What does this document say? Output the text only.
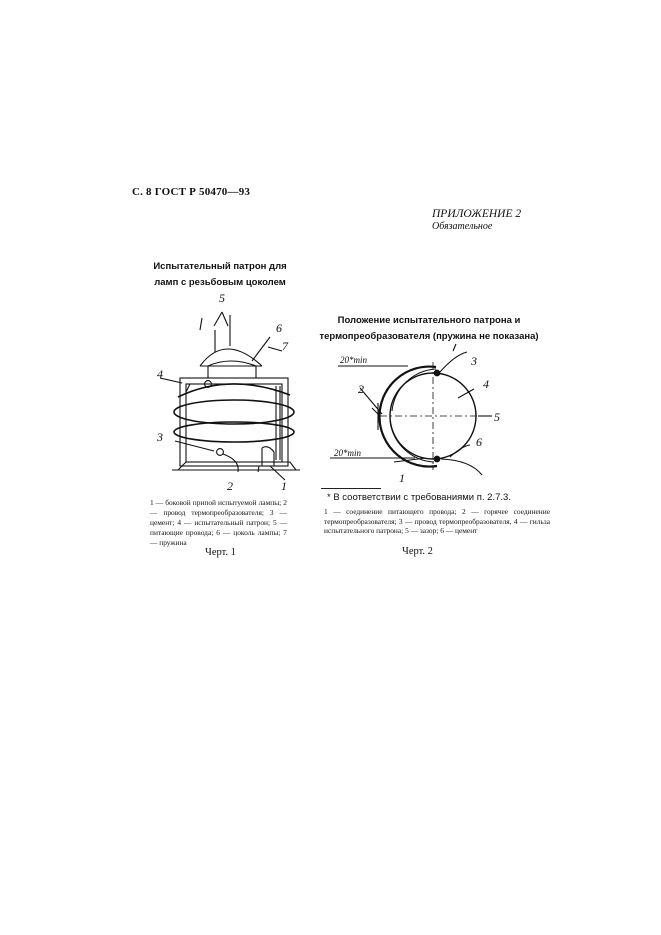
С. 8 ГОСТ Р 50470—93
ПРИЛОЖЕНИЕ 2
Обязательное
Испытательный патрон для ламп с резьбовым цоколем
Положение испытательного патрона и термопреобразователя (пружина не показана)
5
6
7
4
3
2	1
20*min
20*min
3
4
2
5
6
1
1 — боковой припой испытуемой лампы; 2 — провод термопреобразователя; 3 — цемент; 4 — испытательный патрон; 5 — питающие провода; 6 — цоколь лампы; 7 — пружина
Черт. 1
* В соответствии с требованиями п. 2.7.3.
1 — соединение питающего провода; 2 — горячее соединение термопреобразователя; 3 — провод термопреобразователя, 4 — гильза испытательного патрона; 5 — зазор; 6 — цемент
Черт. 2
